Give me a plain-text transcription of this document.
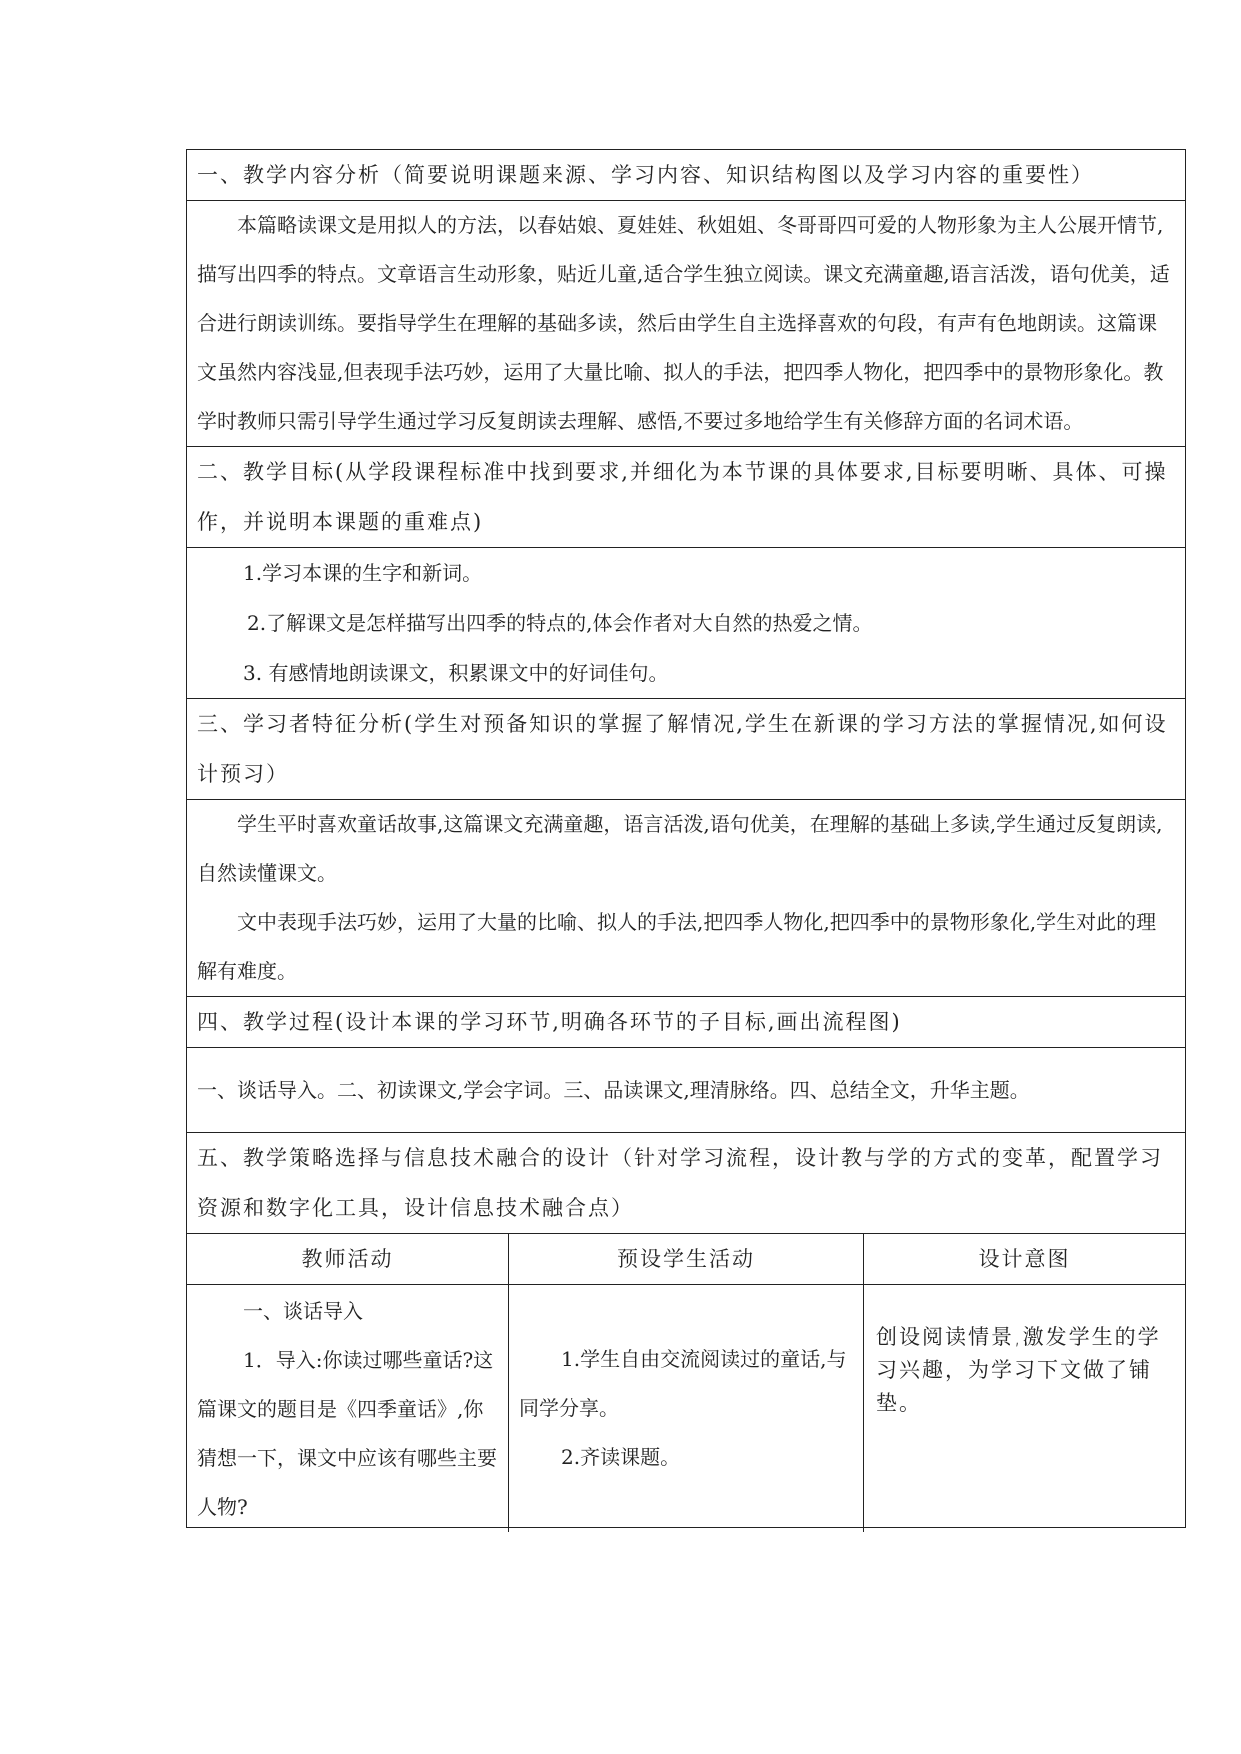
一、教学内容分析（简要说明课题来源、学习内容、知识结构图以及学习内容的重要性）

本篇略读课文是用拟人的方法，以春姑娘、夏娃娃、秋姐姐、冬哥哥四可爱的人物形象为主人公展开情节,描写出四季的特点。文章语言生动形象，贴近儿童,适合学生独立阅读。课文充满童趣,语言活泼，语句优美，适合进行朗读训练。要指导学生在理解的基础多读，然后由学生自主选择喜欢的句段，有声有色地朗读。这篇课文虽然内容浅显,但表现手法巧妙，运用了大量比喻、拟人的手法，把四季人物化，把四季中的景物形象化。教学时教师只需引导学生通过学习反复朗读去理解、感悟,不要过多地给学生有关修辞方面的名词术语。

二、教学目标(从学段课程标准中找到要求,并细化为本节课的具体要求,目标要明晰、具体、可操作，并说明本课题的重难点)
1.学习本课的生字和新词。
2.了解课文是怎样描写出四季的特点的,体会作者对大自然的热爱之情。
3. 有感情地朗读课文，积累课文中的好词佳句。
三、学习者特征分析(学生对预备知识的掌握了解情况,学生在新课的学习方法的掌握情况,如何设计预习）

学生平时喜欢童话故事,这篇课文充满童趣，语言活泼,语句优美，在理解的基础上多读,学生通过反复朗读,自然读懂课文。

文中表现手法巧妙，运用了大量的比喻、拟人的手法,把四季人物化,把四季中的景物形象化,学生对此的理解有难度。

四、教学过程(设计本课的学习环节,明确各环节的子目标,画出流程图)
一、谈话导入。二、初读课文,学会字词。三、品读课文,理清脉络。四、总结全文，升华主题。
五、教学策略选择与信息技术融合的设计（针对学习流程，设计教与学的方式的变革，配置学习资源和数字化工具，设计信息技术融合点）
教师活动	预设学生活动	设计意图
一、谈话导入
1．导入:你读过哪些童话?这篇课文的题目是《四季童话》,你猜想一下，课文中应该有哪些主要人物?
1.学生自由交流阅读过的童话,与同学分享。
2.齐读课题。
创设阅读情景,激发学生的学习兴趣，为学习下文做了铺垫。
